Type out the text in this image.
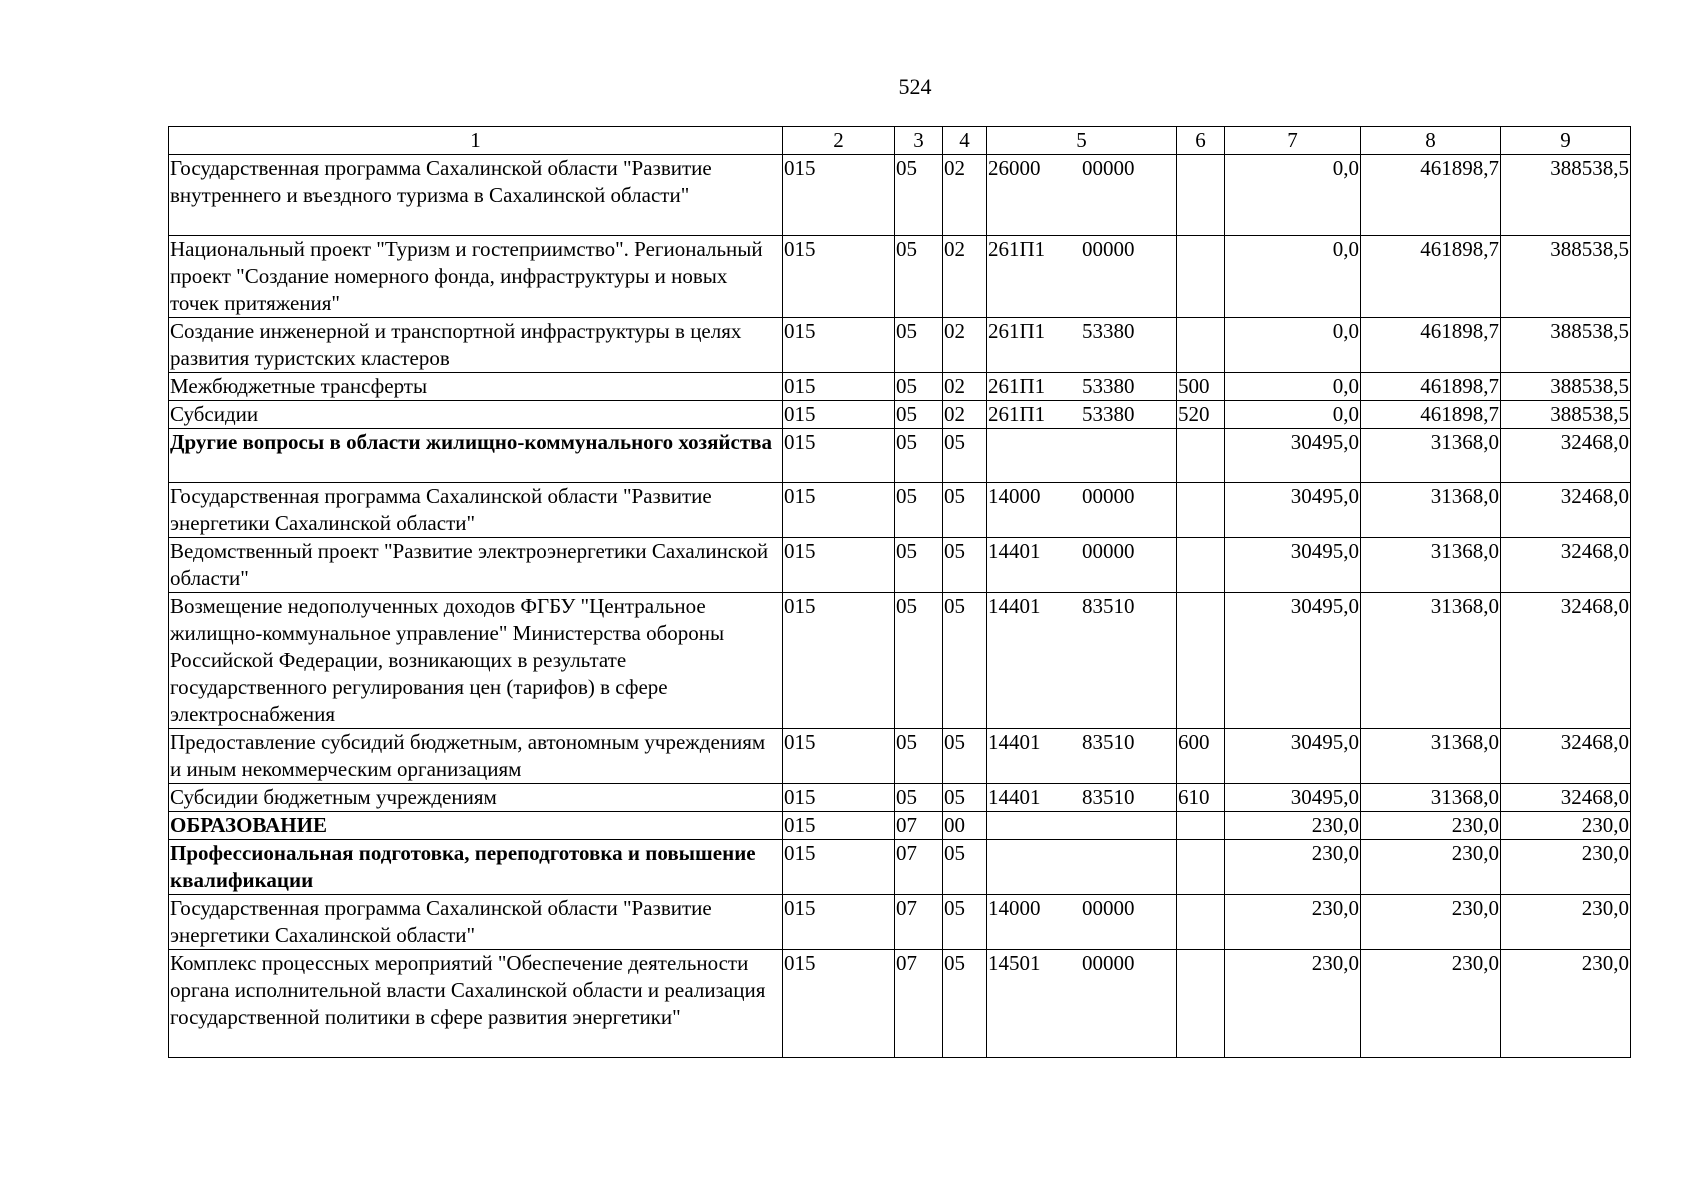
524
1	2	3	4	5	6	7	8	9
Государственная программа Сахалинской области "Развитие внутреннего и въездного туризма в Сахалинской области"	015	05	02	26000 00000		0,0	461898,7	388538,5
Национальный проект "Туризм и гостеприимство". Региональный проект "Создание номерного фонда, инфраструктуры и новых точек притяжения"	015	05	02	261П1 00000		0,0	461898,7	388538,5
Создание инженерной и транспортной инфраструктуры в целях развития туристских кластеров	015	05	02	261П1 53380		0,0	461898,7	388538,5
Межбюджетные трансферты	015	05	02	261П1 53380	500	0,0	461898,7	388538,5
Субсидии	015	05	02	261П1 53380	520	0,0	461898,7	388538,5
Другие вопросы в области жилищно-коммунального хозяйства	015	05	05			30495,0	31368,0	32468,0
Государственная программа Сахалинской области "Развитие энергетики Сахалинской области"	015	05	05	14000 00000		30495,0	31368,0	32468,0
Ведомственный проект "Развитие электроэнергетики Сахалинской области"	015	05	05	14401 00000		30495,0	31368,0	32468,0
Возмещение недополученных доходов ФГБУ "Центральное жилищно-коммунальное управление" Министерства обороны Российской Федерации, возникающих в результате государственного регулирования цен (тарифов) в сфере электроснабжения	015	05	05	14401 83510		30495,0	31368,0	32468,0
Предоставление субсидий бюджетным, автономным учреждениям и иным некоммерческим организациям	015	05	05	14401 83510	600	30495,0	31368,0	32468,0
Субсидии бюджетным учреждениям	015	05	05	14401 83510	610	30495,0	31368,0	32468,0
ОБРАЗОВАНИЕ	015	07	00			230,0	230,0	230,0
Профессиональная подготовка, переподготовка и повышение квалификации	015	07	05			230,0	230,0	230,0
Государственная программа Сахалинской области "Развитие энергетики Сахалинской области"	015	07	05	14000 00000		230,0	230,0	230,0
Комплекс процессных мероприятий "Обеспечение деятельности органа исполнительной власти Сахалинской области и реализация государственной политики в сфере развития энергетики"	015	07	05	14501 00000		230,0	230,0	230,0
